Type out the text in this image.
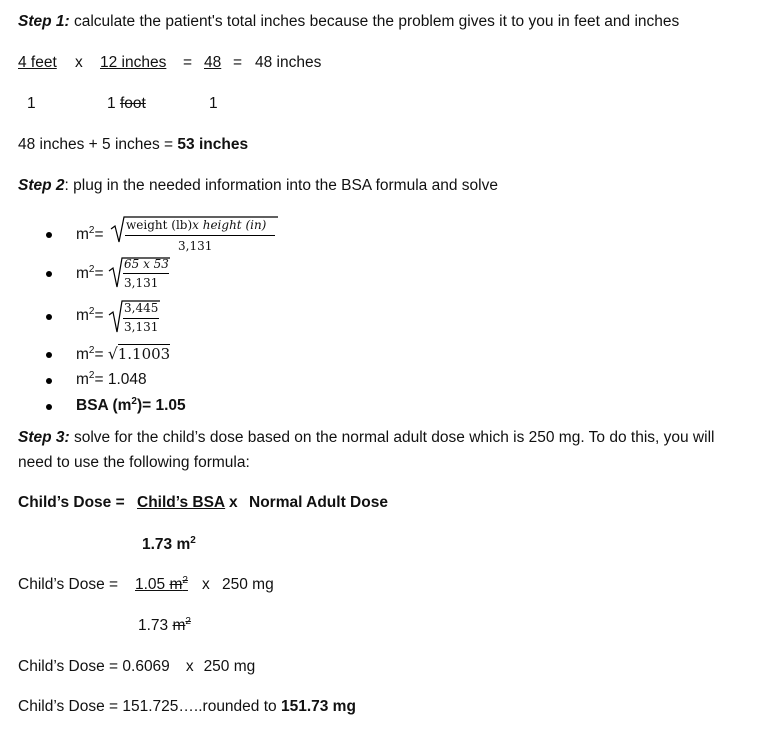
Step 1: calculate the patient's total inches because the problem gives it to you in feet and inches
4 feet x 12 inches = 48 = 48 inches
1	1 foot	1
48 inches + 5 inches = 53 inches
Step 2: plug in the needed information into the BSA formula and solve
$m^2=$
weight (lb)x height (in)
3,131
$m^2=$
65 x 53
3,131
$m^2= 3,445$
3,131
$m^2= √1.1003$
$m^2= 1.048$
BSA $(m^2)= 1.05$
Step 3: solve for the child’s dose based on the normal adult dose which is 250 mg. To do this, you will
need to use the following formula:
Child’s Dose = Child’s BSA x Normal Adult Dose
1.73 $m^2$
Child’s Dose = 1.05 $m^2$ x 250 mg
1.73 $m^2$
Child’s Dose = 0.6069 x 250 mg
Child’s Dose = 151.725…..rounded to 151.73 mg
